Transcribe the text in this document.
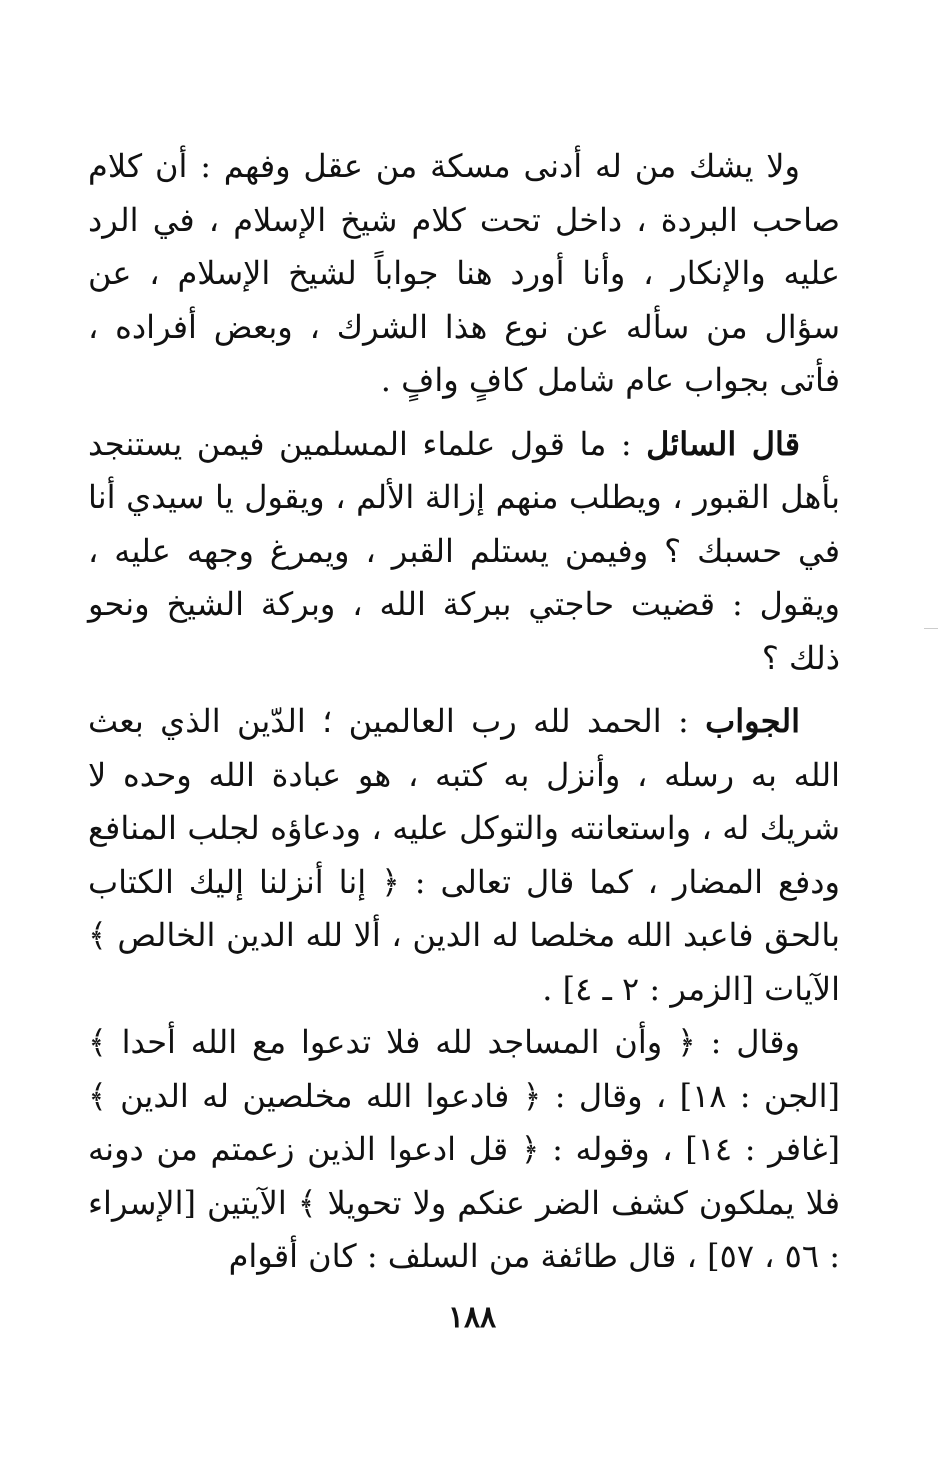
ولا يشك من له أدنى مسكة من عقل وفهم : أن كلام صاحب البردة ، داخل تحت كلام شيخ الإسلام ، في الرد عليه والإنكار ، وأنا أورد هنا جواباً لشيخ الإسلام ، عن سؤال من سأله عن نوع هذا الشرك ، وبعض أفراده ، فأتى بجواب عام شامل كافٍ وافٍ .

قال السائل : ما قول علماء المسلمين فيمن يستنجد بأهل القبور ، ويطلب منهم إزالة الألم ، ويقول يا سيدي أنا في حسبك ؟ وفيمن يستلم القبر ، ويمرغ وجهه عليه ، ويقول : قضيت حاجتي ببركة الله ، وبركة الشيخ ونحو ذلك ؟

الجواب : الحمد لله رب العالمين ؛ الدّين الذي بعث الله به رسله ، وأنزل به كتبه ، هو عبادة الله وحده لا شريك له ، واستعانته والتوكل عليه ، ودعاؤه لجلب المنافع ودفع المضار ، كما قال تعالى : ﴿ إنا أنزلنا إليك الكتاب بالحق فاعبد الله مخلصا له الدين ، ألا لله الدين الخالص ﴾ الآيات [الزمر : ٢ ـ ٤] .

وقال : ﴿ وأن المساجد لله فلا تدعوا مع الله أحدا ﴾ [الجن : ١٨] ، وقال : ﴿ فادعوا الله مخلصين له الدين ﴾ [غافر : ١٤] ، وقوله : ﴿ قل ادعوا الذين زعمتم من دونه فلا يملكون كشف الضر عنكم ولا تحويلا ﴾ الآيتين [الإسراء : ٥٦ ، ٥٧] ، قال طائفة من السلف : كان أقوام

١٨٨
